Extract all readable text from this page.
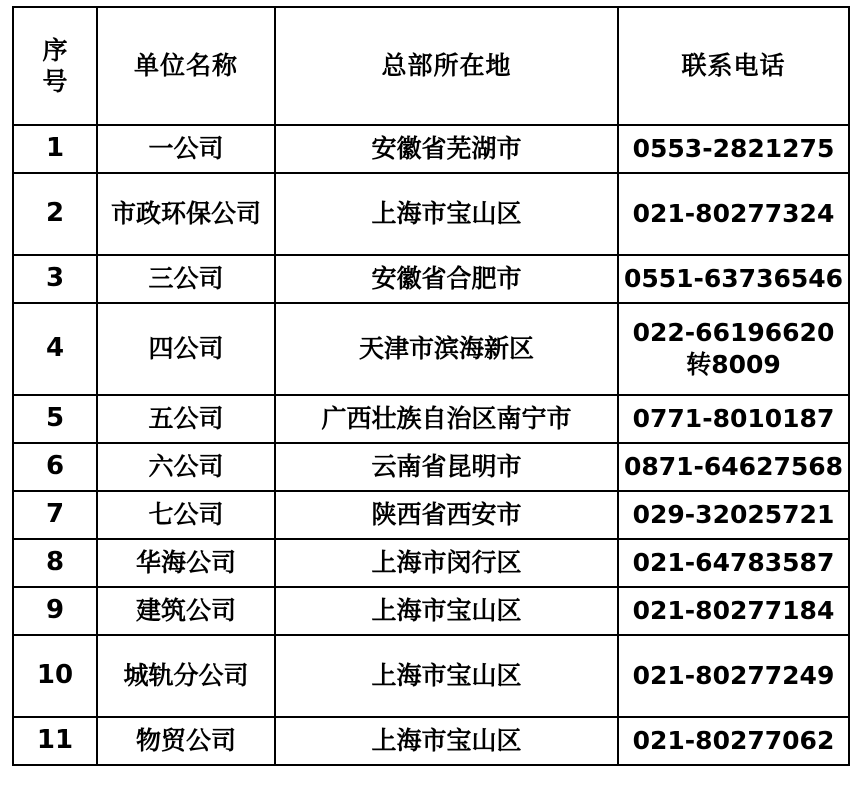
序号	单位名称	总部所在地	联系电话
1	一公司	安徽省芜湖市	0553-2821275
2	市政环保公司	上海市宝山区	021-80277324
3	三公司	安徽省合肥市	0551-63736546
4	四公司	天津市滨海新区	022-66196620转8009
5	五公司	广西壮族自治区南宁市	0771-8010187
6	六公司	云南省昆明市	0871-64627568
7	七公司	陕西省西安市	029-32025721
8	华海公司	上海市闵行区	021-64783587
9	建筑公司	上海市宝山区	021-80277184
10	城轨分公司	上海市宝山区	021-80277249
11	物贸公司	上海市宝山区	021-80277062
